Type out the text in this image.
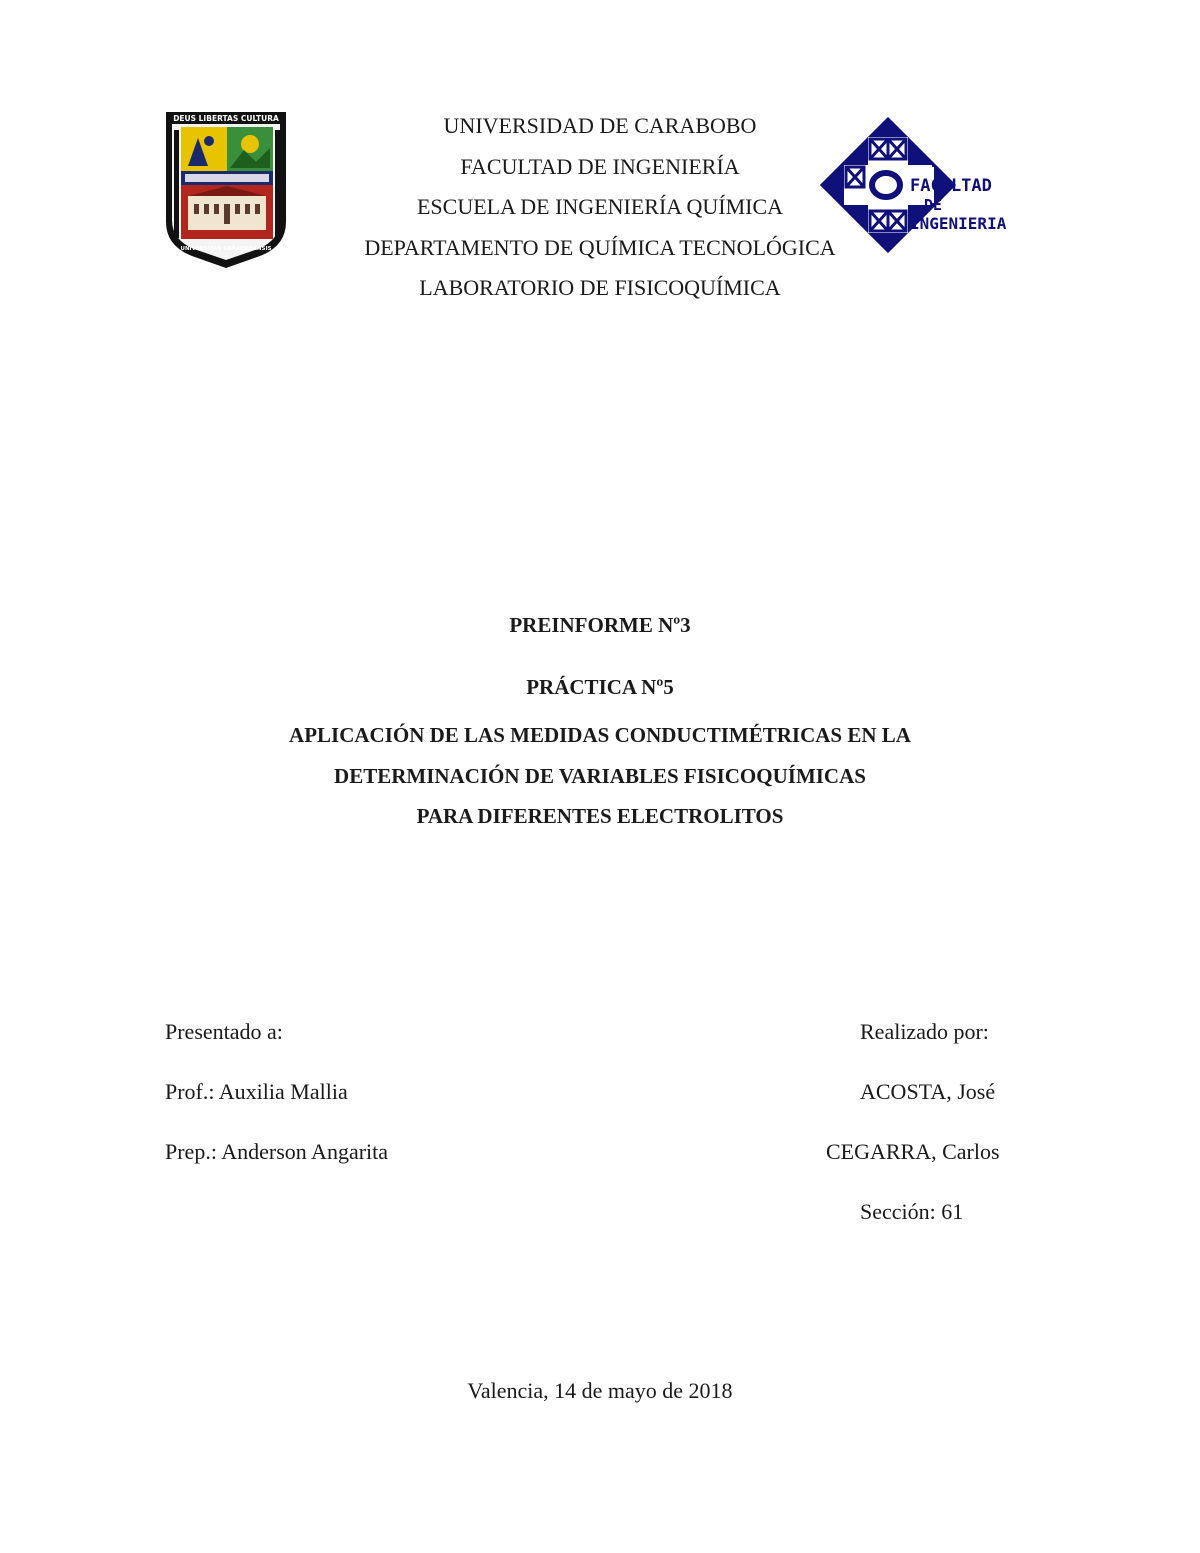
DEUS LIBERTAS CULTURA
UNIVERSITAS CARABOBENSIS
UNIVERSIDAD DE CARABOBO
FACULTAD DE INGENIERÍA
ESCUELA DE INGENIERÍA QUÍMICA
DEPARTAMENTO DE QUÍMICA TECNOLÓGICA
LABORATORIO DE FISICOQUÍMICA
FACULTAD
DE
INGENIERIA
PREINFORME Nº3
PRÁCTICA Nº5
APLICACIÓN DE LAS MEDIDAS CONDUCTIMÉTRICAS EN LA
DETERMINACIÓN DE VARIABLES FISICOQUÍMICAS
PARA DIFERENTES ELECTROLITOS
Presentado a:
Prof.: Auxilia Mallia
Prep.: Anderson Angarita
Realizado por:
ACOSTA, José
CEGARRA, Carlos
Sección: 61
Valencia, 14 de mayo de 2018
